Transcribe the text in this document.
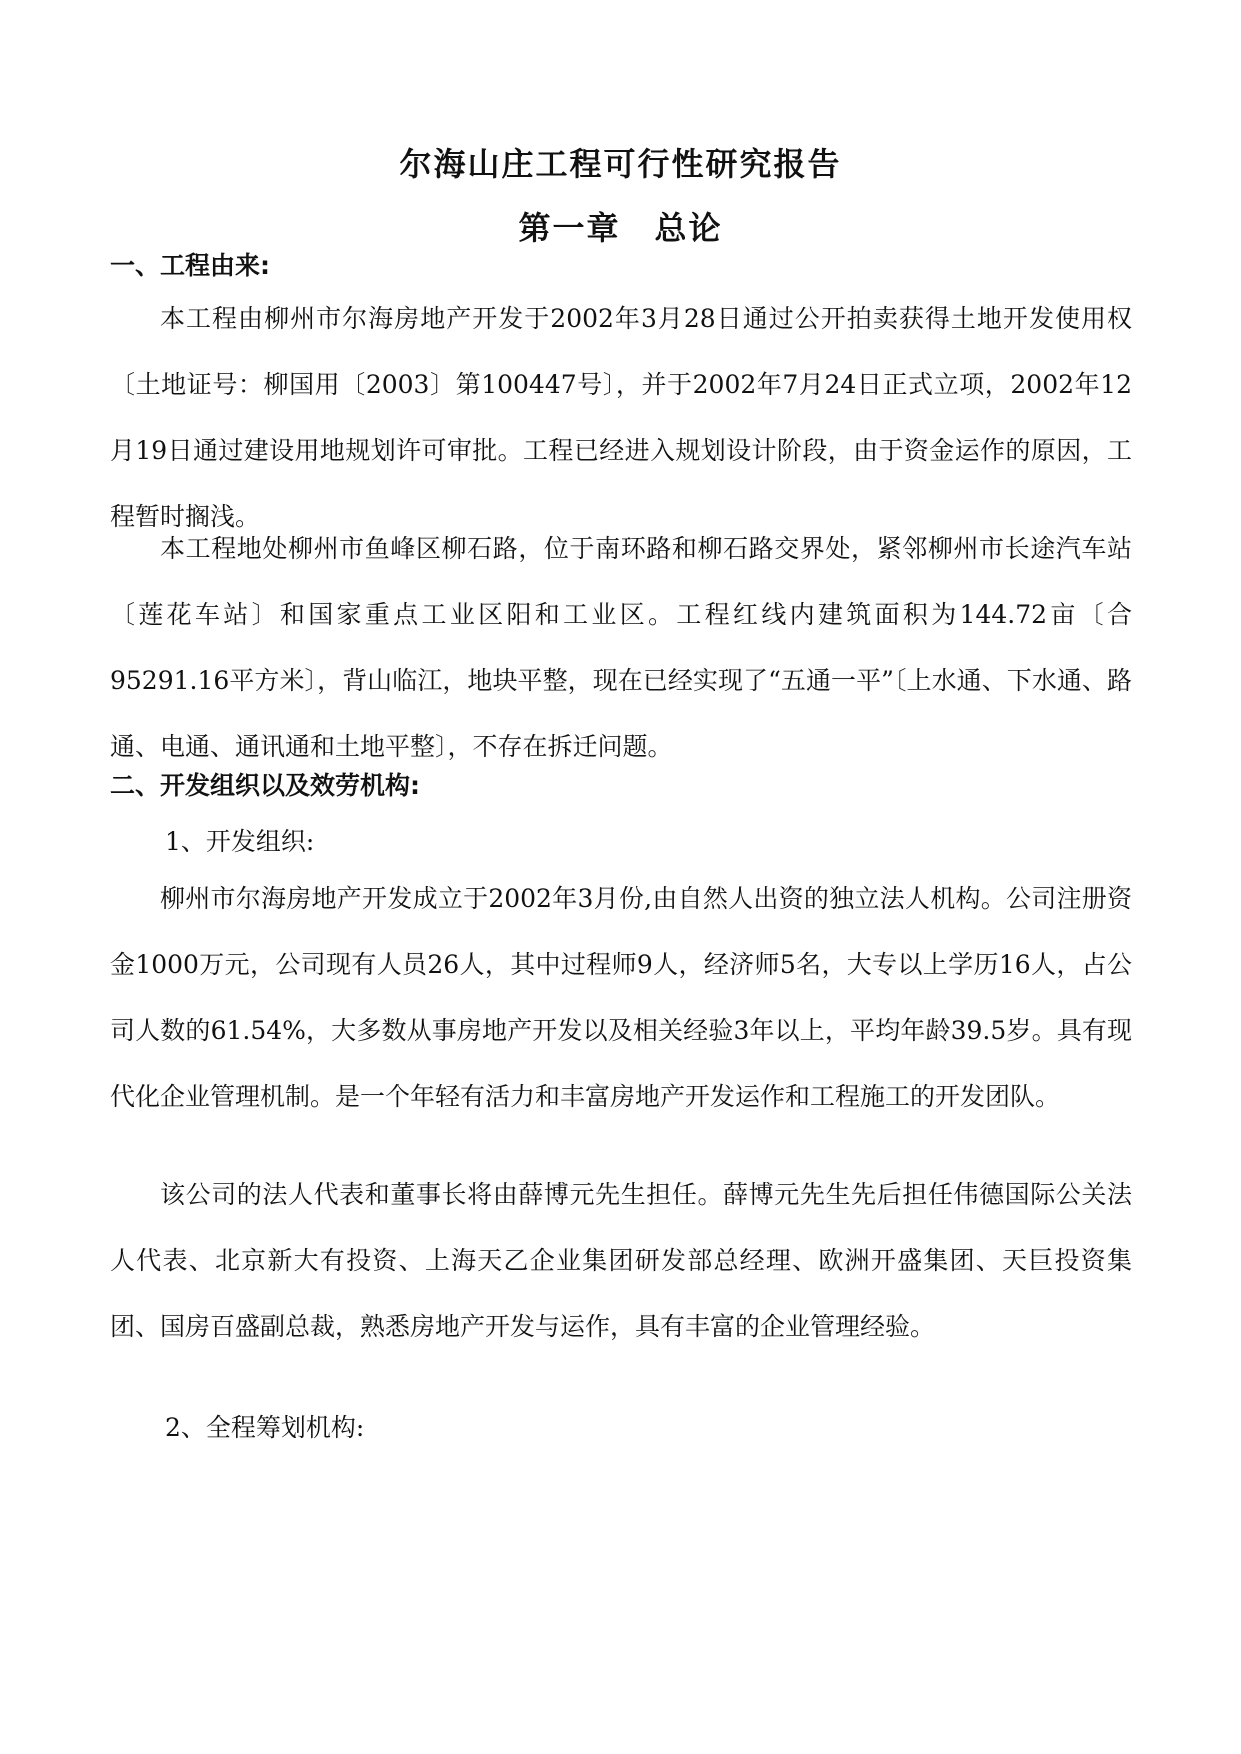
尔海山庄工程可行性研究报告
第一章　总论
一、工程由来:

本工程由柳州市尔海房地产开发于2002年3月28日通过公开拍卖获得土地开发使用权〔土地证号：柳国用〔2003〕第100447号〕，并于2002年7月24日正式立项，2002年12月19日通过建设用地规划许可审批。工程已经进入规划设计阶段，由于资金运作的原因，工程暂时搁浅。

本工程地处柳州市鱼峰区柳石路，位于南环路和柳石路交界处，紧邻柳州市长途汽车站〔莲花车站〕和国家重点工业区阳和工业区。工程红线内建筑面积为144.72亩〔合95291.16平方米〕，背山临江，地块平整，现在已经实现了“五通一平”〔上水通、下水通、路通、电通、通讯通和土地平整〕，不存在拆迁问题。

二、开发组织以及效劳机构:
1、开发组织:

柳州市尔海房地产开发成立于2002年3月份,由自然人出资的独立法人机构。公司注册资金1000万元，公司现有人员26人，其中过程师9人，经济师5名，大专以上学历16人，占公司人数的61.54%，大多数从事房地产开发以及相关经验3年以上，平均年龄39.5岁。具有现代化企业管理机制。是一个年轻有活力和丰富房地产开发运作和工程施工的开发团队。

该公司的法人代表和董事长将由薛博元先生担任。薛博元先生先后担任伟德国际公关法人代表、北京新大有投资、上海天乙企业集团研发部总经理、欧洲开盛集团、天巨投资集团、国房百盛副总裁，熟悉房地产开发与运作，具有丰富的企业管理经验。

2、全程筹划机构:
